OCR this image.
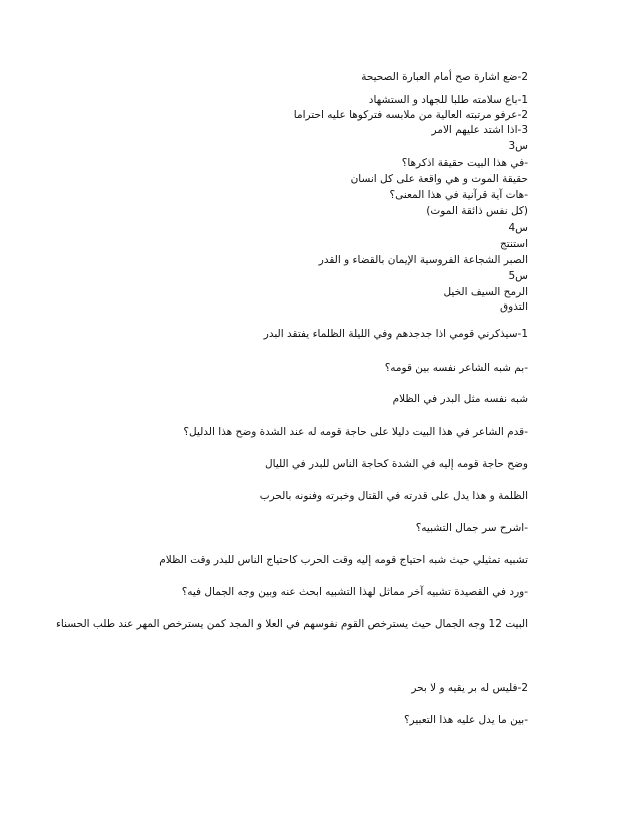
2-ضع اشارة صح أمام العبارة الصحيحة
1-باع سلامته طلبا للجهاد و الستشهاد
2-عرفو مرتبته العالية من ملابسه فتركوها عليه احتراما
3-اذا اشتد عليهم الامر
س3
-في هذا البيت حقيقة اذكرها؟
حقيقة الموت و هي واقعة على كل انسان
-هات آية قرآنية في هذا المعنى؟
(كل نفس ذائقة الموت)
س4
استنتج
الصبر الشجاعة الفروسية الإيمان بالقضاء و القدر
س5
الرمح السيف الخيل
التذوق
1-سيذكرني قومي اذا جدجدهم وفي الليلة الظلماء يفتقد البدر
-بم شبه الشاعر نفسه بين قومه؟
شبه نفسه مثل البدر في الظلام
-قدم الشاعر في هذا البيت دليلا على حاجة قومه له عند الشدة وضح هذا الدليل؟
وضح حاجة قومه إليه في الشدة كحاجة الناس للبدر في الليال
الظلمة و هذا يدل على قدرته في القتال وخبرته وفنونه بالحرب
-اشرح سر جمال التشبيه؟
تشبيه تمثيلي حيث شبه احتياج قومه إليه وقت الحرب كاحتياج الناس للبدر وقت الظلام
-ورد في القصيدة تشبيه آخر مماثل لهذا التشبيه ابحث عنه وبين وجه الجمال فيه؟
البيت 12 وجه الجمال حيث يسترخص القوم نفوسهم في العلا و المجد كمن يسترخص المهر عند طلب الحسناء
2-فليس له بر يقيه و لا بحر
-بين ما يدل عليه هذا التعبير؟
